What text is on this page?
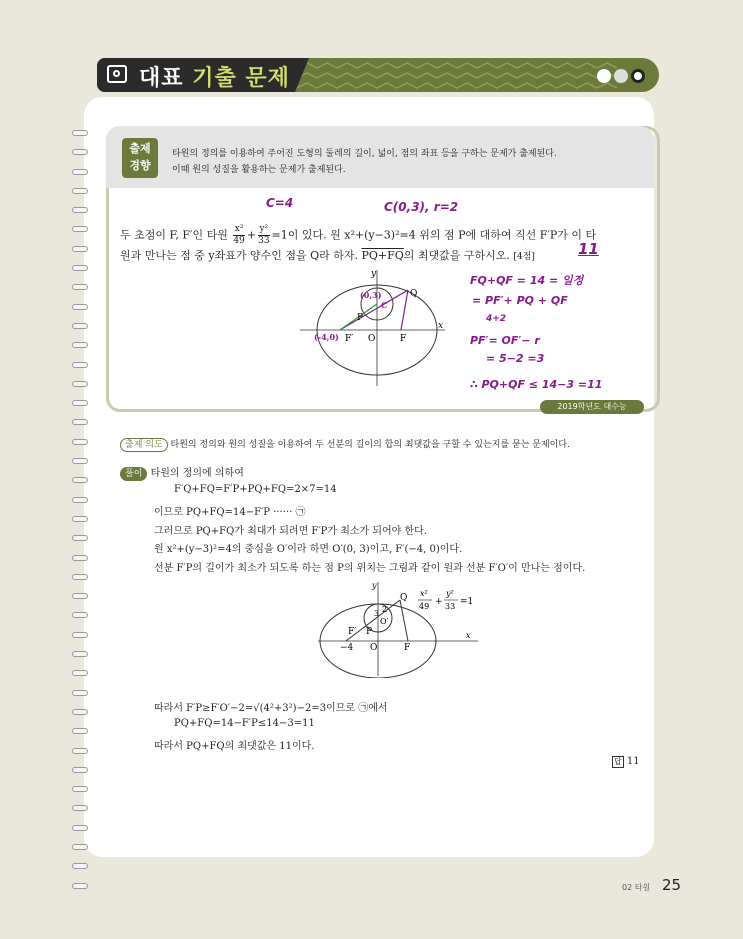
대표 기출 문제
출제
경향
타원의 정의를 이용하여 주어진 도형의 둘레의 길이, 넓이, 점의 좌표 등을 구하는 문제가 출제된다.
이때 원의 성질을 활용하는 문제가 출제된다.
C=4	C(0,3), r=2
두 초점이 F, F′인 타원 $\frac{\text{x²}}{49} + \frac{\text{y²}}{33} =1$이 있다. 원 x²+(y−3)²=4 위의 점 P에 대하여 직선 F′P가 이 타
원과 만나는 점 중 y좌표가 양수인 점을 Q라 하자. PQ+FQ의 최댓값을 구하시오. [4점]	11
y
x
Q
P
F′ O	F
(0,3)
C
(-4,0)
FQ+QF = 14 = 일정
= PF′+ PQ + QF
4+2
PF′= OF′− r
= 5−2 =3
∴ PQ+QF ≤ 14−3 =11
2019학년도 대수능
출제 의도 타원의 정의와 원의 성질을 이용하여 두 선분의 길이의 합의 최댓값을 구할 수 있는지를 묻는 문제이다.
풀이 타원의 정의에 의하여
F′Q+FQ=F′P+PQ+FQ=2×7=14
이므로 PQ+FQ=14−F′P ······ ㉠
그러므로 PQ+FQ가 최대가 되려면 F′P가 최소가 되어야 한다.
원 x²+(y−3)²=4의 중심을 O′이라 하면 O′(0, 3)이고, F′(−4, 0)이다.
선분 F′P의 길이가 최소가 되도록 하는 점 P의 위치는 그림과 같이 원과 선분 F′O′이 만나는 점이다.
y
x
Q
P
F′
−4 O
O′
F
3 2
x²
49 +
y²
33 =1
따라서 F′P≥F′O′−2=√(4²+3²)−2=3이므로 ㉠에서
PQ+FQ=14−F′P≤14−3=11
따라서 PQ+FQ의 최댓값은 11이다.
답 11
02 타원 25
